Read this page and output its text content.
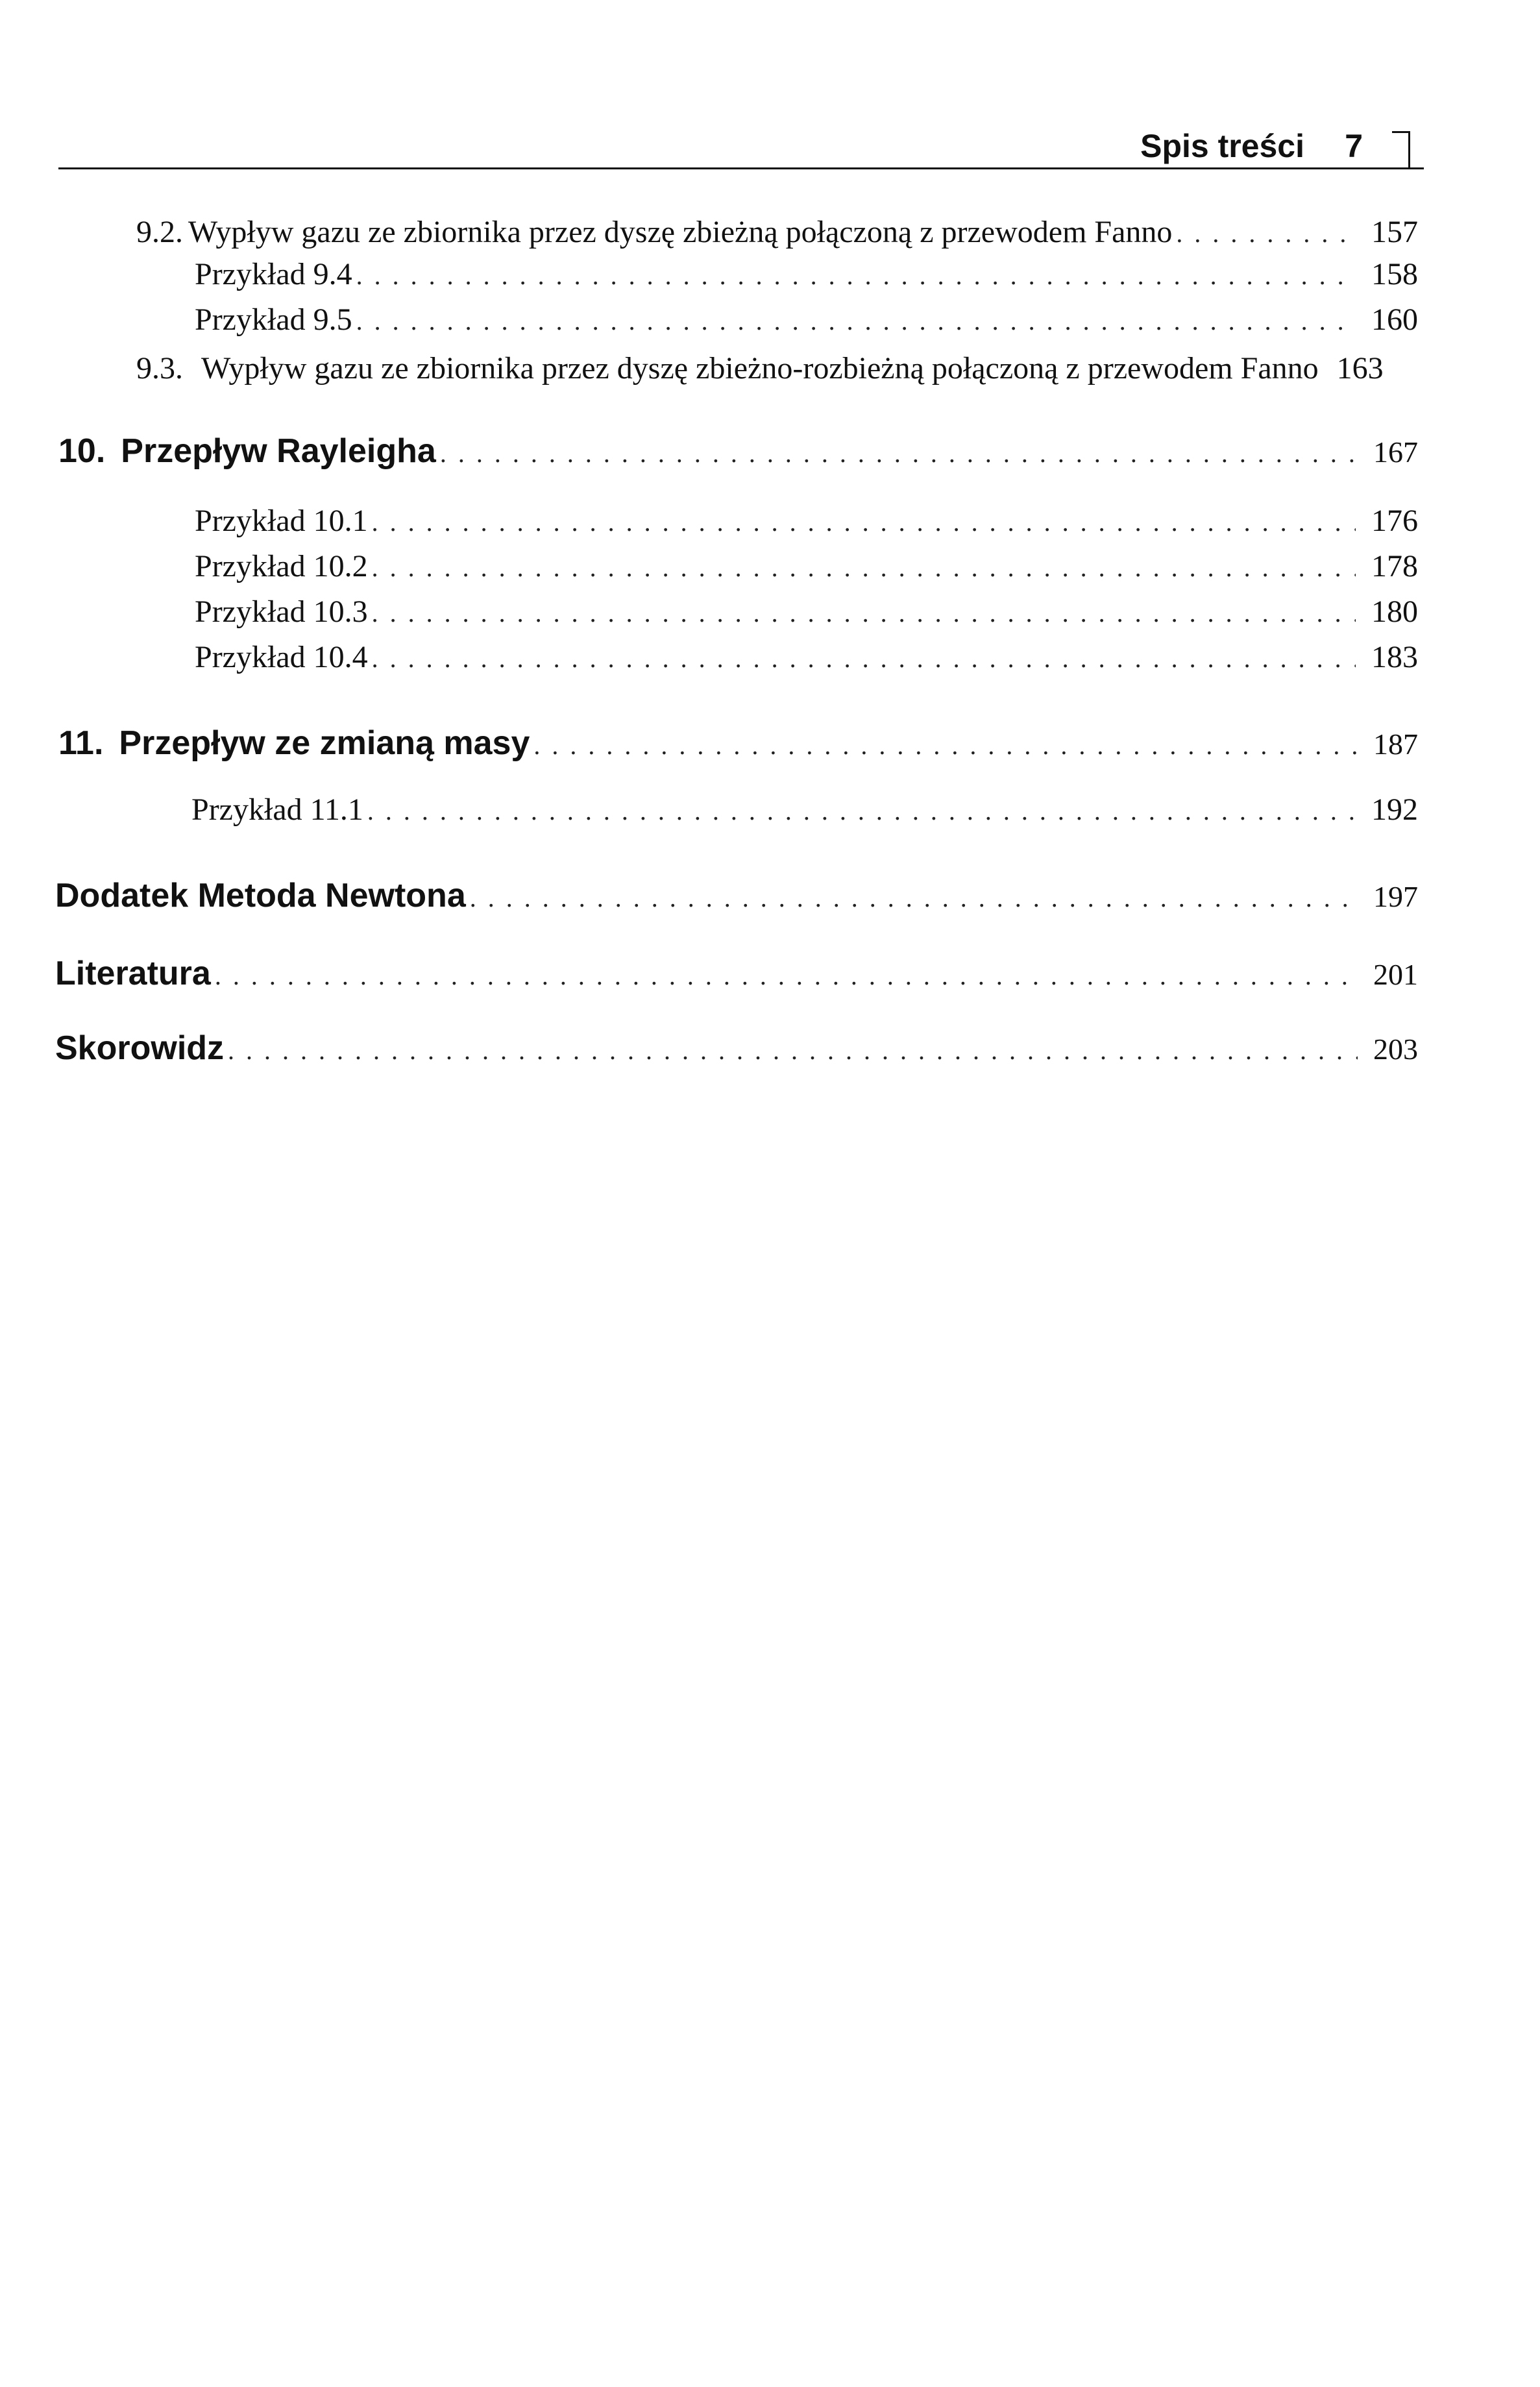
Spis treści 7
9.2. Wypływ gazu ze zbiornika przez dyszę zbieżną połączoną z przewodem Fanno . . .	157
Przykład 9.4 . . .	158
Przykład 9.5 . . .	160
9.3. Wypływ gazu ze zbiornika przez dyszę zbieżno-rozbieżną połączoną z przewodem Fanno 163
10. Przepływ Rayleigha . . .	167
Przykład 10.1 . . .	176
Przykład 10.2 . . .	178
Przykład 10.3 . . .	180
Przykład 10.4 . . .	183
11. Przepływ ze zmianą masy . . .	187
Przykład 11.1 . . .	192
Dodatek Metoda Newtona . . .	197
Literatura . . .	201
Skorowidz . . .	203
